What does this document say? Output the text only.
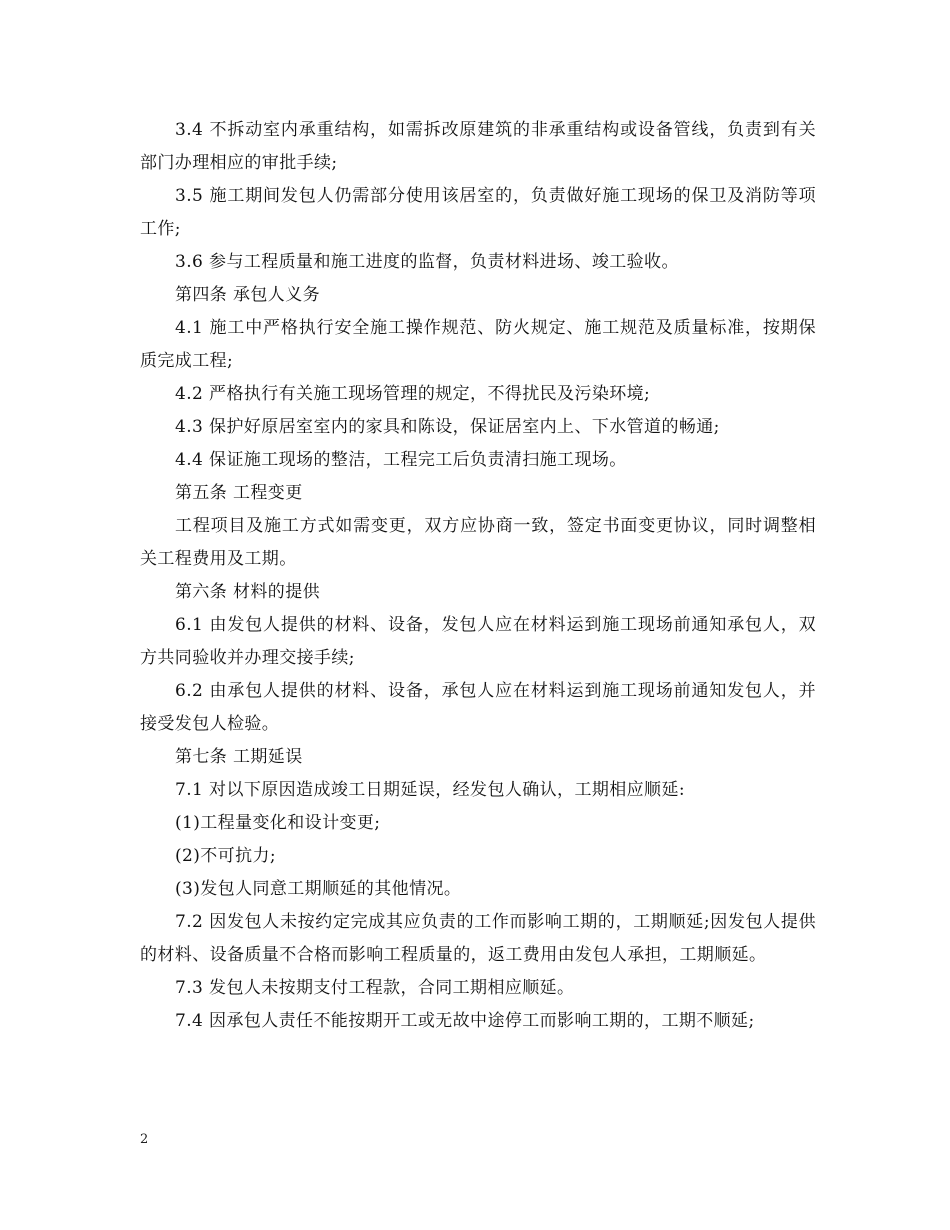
3.4 不拆动室内承重结构，如需拆改原建筑的非承重结构或设备管线，负责到有关部门办理相应的审批手续;

3.5 施工期间发包人仍需部分使用该居室的，负责做好施工现场的保卫及消防等项工作;

3.6 参与工程质量和施工进度的监督，负责材料进场、竣工验收。

第四条 承包人义务

4.1 施工中严格执行安全施工操作规范、防火规定、施工规范及质量标准，按期保质完成工程;

4.2 严格执行有关施工现场管理的规定，不得扰民及污染环境;

4.3 保护好原居室室内的家具和陈设，保证居室内上、下水管道的畅通;

4.4 保证施工现场的整洁，工程完工后负责清扫施工现场。

第五条 工程变更

工程项目及施工方式如需变更，双方应协商一致，签定书面变更协议，同时调整相关工程费用及工期。

第六条 材料的提供

6.1 由发包人提供的材料、设备，发包人应在材料运到施工现场前通知承包人，双方共同验收并办理交接手续;

6.2 由承包人提供的材料、设备，承包人应在材料运到施工现场前通知发包人，并接受发包人检验。

第七条 工期延误

7.1 对以下原因造成竣工日期延误，经发包人确认，工期相应顺延:

(1)工程量变化和设计变更;

(2)不可抗力;

(3)发包人同意工期顺延的其他情况。

7.2 因发包人未按约定完成其应负责的工作而影响工期的，工期顺延;因发包人提供的材料、设备质量不合格而影响工程质量的，返工费用由发包人承担，工期顺延。

7.3 发包人未按期支付工程款，合同工期相应顺延。

7.4 因承包人责任不能按期开工或无故中途停工而影响工期的，工期不顺延;

2
